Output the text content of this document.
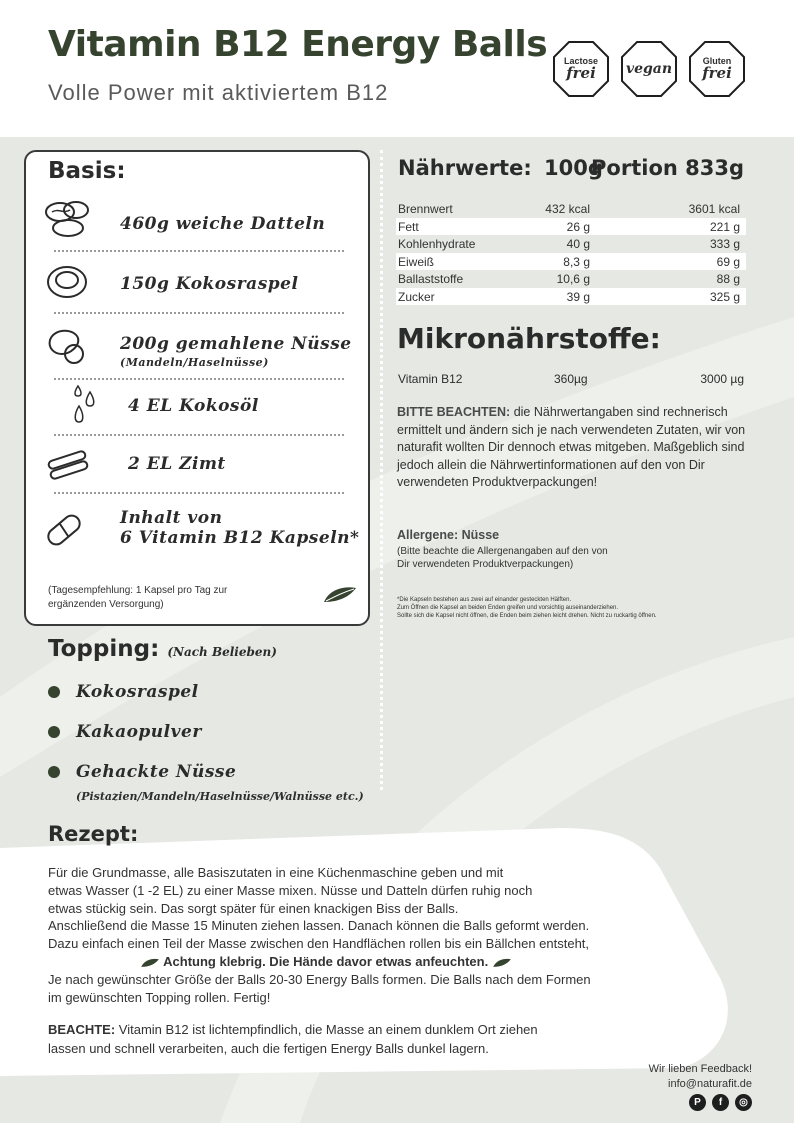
Vitamin B12 Energy Balls
Volle Power mit aktiviertem B12
Lactose
frei vegan	Gluten
frei
Basis:
460g weiche Datteln
150g Kokosraspel
200g gemahlene Nüsse
(Mandeln/Haselnüsse)
4 EL Kokosöl
2 EL Zimt
Inhalt von
6 Vitamin B12 Kapseln*
(Tagesempfehlung: 1 Kapsel pro Tag zur
ergänzenden Versorgung)
Topping: (Nach Belieben)
Kokosraspel
Kakaopulver
Gehackte Nüsse
(Pistazien/Mandeln/Haselnüsse/Walnüsse etc.)
Nährwerte: 100g
Portion 833g
Brennwert	432 kcal	3601 kcal
Fett	26 g	221 g
Kohlenhydrate	40 g	333 g
Eiweiß	8,3 g	69 g
Ballaststoffe	10,6 g	88 g
Zucker	39 g	325 g
Mikronährstoffe:
Vitamin B12	360µg	3000 µg
BITTE BEACHTEN: die Nährwertangaben sind rechnerisch ermittelt und ändern sich je nach verwendeten Zutaten, wir von naturafit wollten Dir dennoch etwas mitgeben. Maßgeblich sind jedoch allein die Nährwertinformationen auf den von Dir verwendeten Produktverpackungen!
Allergene: Nüsse
(Bitte beachte die Allergenangaben auf den von
Dir verwendeten Produktverpackungen)
*Die Kapseln bestehen aus zwei auf einander gesteckten Hälften.
Zum Öffnen die Kapsel an beiden Enden greifen und vorsichtig auseinanderziehen.
Sollte sich die Kapsel nicht öffnen, die Enden beim ziehen leicht drehen. Nicht zu ruckartig öffnen.
Rezept:
Für die Grundmasse, alle Basiszutaten in eine Küchenmaschine geben und mit
etwas Wasser (1 -2 EL) zu einer Masse mixen. Nüsse und Datteln dürfen ruhig noch
etwas stückig sein. Das sorgt später für einen knackigen Biss der Balls.
Anschließend die Masse 15 Minuten ziehen lassen. Danach können die Balls geformt werden.
Dazu einfach einen Teil der Masse zwischen den Handflächen rollen bis ein Bällchen entsteht,
Achtung klebrig. Die Hände davor etwas anfeuchten.
Je nach gewünschter Größe der Balls 20-30 Energy Balls formen. Die Balls nach dem Formen
im gewünschten Topping rollen. Fertig!
BEACHTE: Vitamin B12 ist lichtempfindlich, die Masse an einem dunklem Ort ziehen
lassen und schnell verarbeiten, auch die fertigen Energy Balls dunkel lagern.
Wir lieben Feedback!
info@naturafit.de
P	f	◎
